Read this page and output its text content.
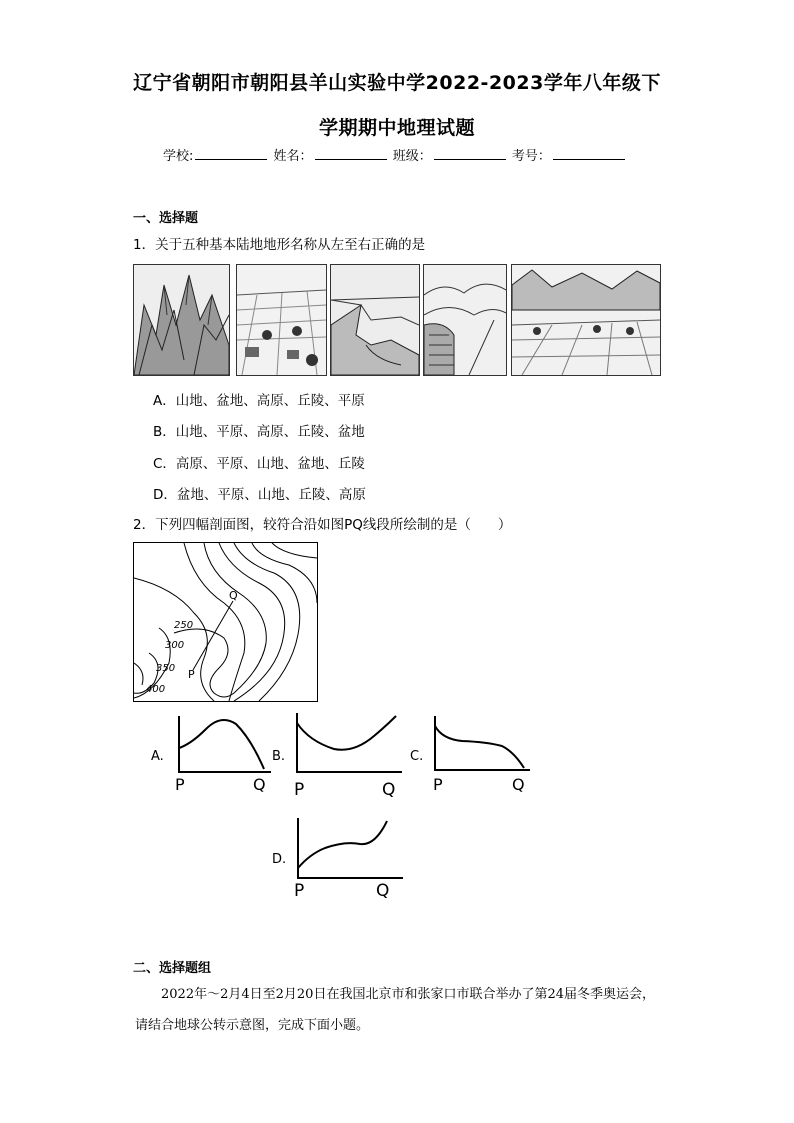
辽宁省朝阳市朝阳县羊山实验中学2022-2023学年八年级下
学期期中地理试题
学校:	姓名：	班级：	考号：
一、选择题
1．关于五种基本陆地地形名称从左至右正确的是
A．山地、盆地、高原、丘陵、平原
B．山地、平原、高原、丘陵、盆地
C．高原、平原、山地、盆地、丘陵
D．盆地、平原、山地、丘陵、高原
2．下列四幅剖面图，较符合沿如图PQ线段所绘制的是（　　）
250
300
350
400
Q
P
A.
P	Q
B.
P	Q
C.
P	Q
D.
P	Q
二、选择题组
2022年～2月4日至2月20日在我国北京市和张家口市联合举办了第24届冬季奥运会，请结合地球公转示意图，完成下面小题。
